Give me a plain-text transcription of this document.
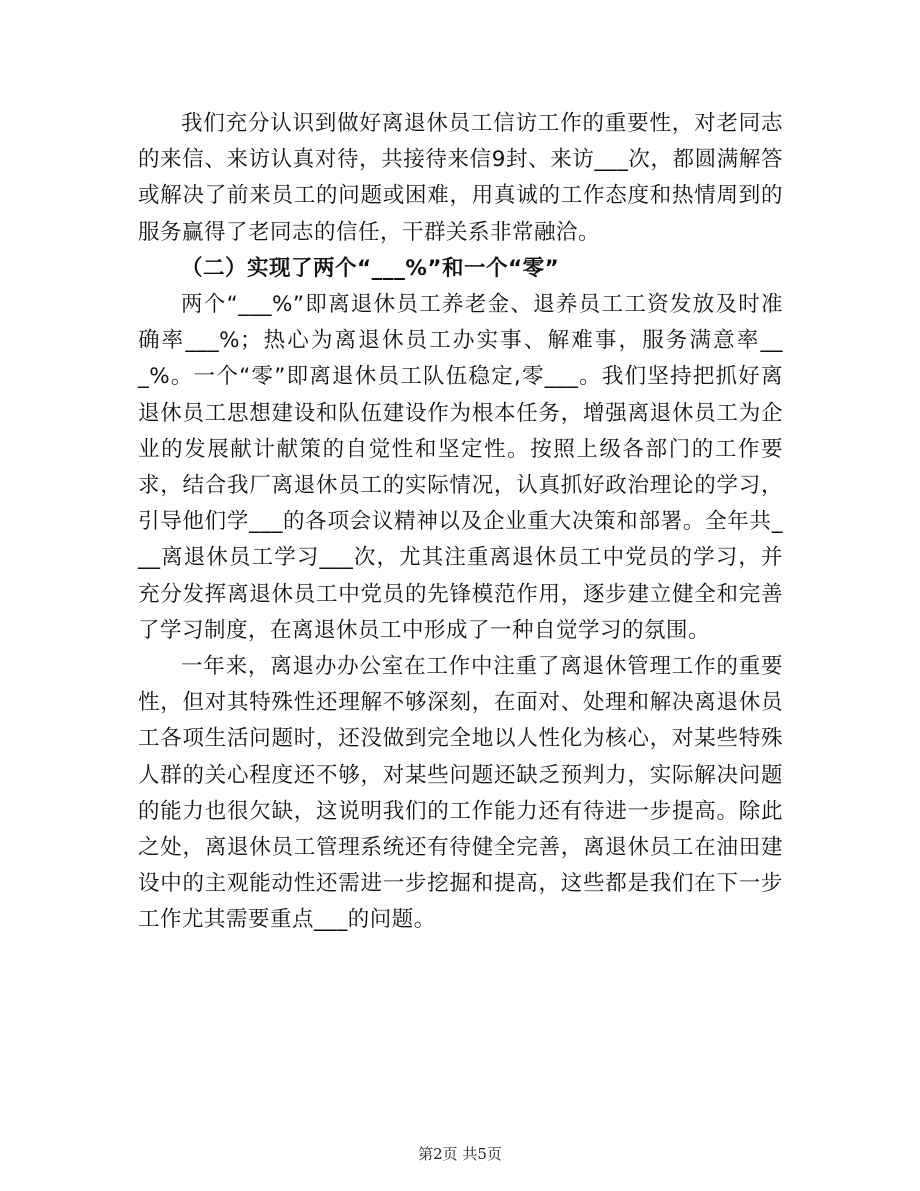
我们充分认识到做好离退休员工信访工作的重要性，对老同志的来信、来访认真对待，共接待来信9封、来访___次，都圆满解答或解决了前来员工的问题或困难，用真诚的工作态度和热情周到的服务赢得了老同志的信任，干群关系非常融洽。

（二）实现了两个“___%”和一个“零”

两个“___%”即离退休员工养老金、退养员工工资发放及时准确率___%；热心为离退休员工办实事、解难事，服务满意率___%。一个“零”即离退休员工队伍稳定,零___。我们坚持把抓好离退休员工思想建设和队伍建设作为根本任务，增强离退休员工为企业的发展献计献策的自觉性和坚定性。按照上级各部门的工作要求，结合我厂离退休员工的实际情况，认真抓好政治理论的学习，引导他们学___的各项会议精神以及企业重大决策和部署。全年共___离退休员工学习___次，尤其注重离退休员工中党员的学习，并充分发挥离退休员工中党员的先锋模范作用，逐步建立健全和完善了学习制度，在离退休员工中形成了一种自觉学习的氛围。

一年来，离退办办公室在工作中注重了离退休管理工作的重要性，但对其特殊性还理解不够深刻，在面对、处理和解决离退休员工各项生活问题时，还没做到完全地以人性化为核心，对某些特殊人群的关心程度还不够，对某些问题还缺乏预判力，实际解决问题的能力也很欠缺，这说明我们的工作能力还有待进一步提高。除此之处，离退休员工管理系统还有待健全完善，离退休员工在油田建设中的主观能动性还需进一步挖掘和提高，这些都是我们在下一步工作尤其需要重点___的问题。

第2页 共5页
